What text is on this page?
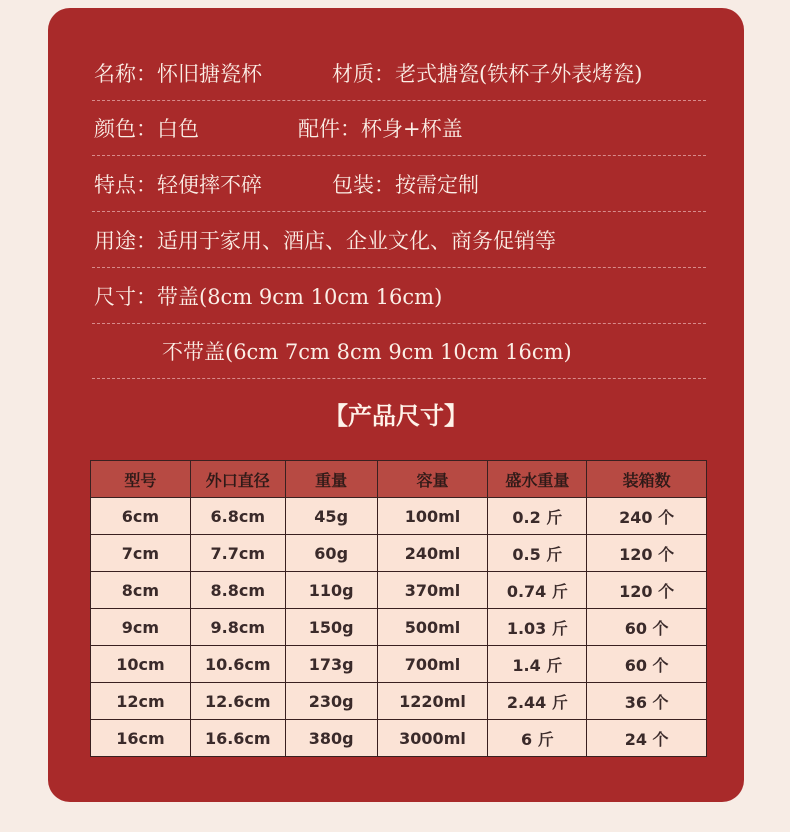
名称：怀旧搪瓷杯	材质：老式搪瓷(铁杯子外表烤瓷)
颜色：白色	配件：杯身+杯盖
特点：轻便摔不碎	包装：按需定制
用途：适用于家用、酒店、企业文化、商务促销等
尺寸：带盖(8cm 9cm 10cm 16cm)
不带盖(6cm 7cm 8cm 9cm 10cm 16cm)
【产品尺寸】
型号	外口直径	重量	容量	盛水重量	装箱数
6cm	6.8cm	45g	100ml	0.2 斤	240 个
7cm	7.7cm	60g	240ml	0.5 斤	120 个
8cm	8.8cm	110g	370ml	0.74 斤	120 个
9cm	9.8cm	150g	500ml	1.03 斤	60 个
10cm	10.6cm	173g	700ml	1.4 斤	60 个
12cm	12.6cm	230g	1220ml	2.44 斤	36 个
16cm	16.6cm	380g	3000ml	6 斤	24 个
